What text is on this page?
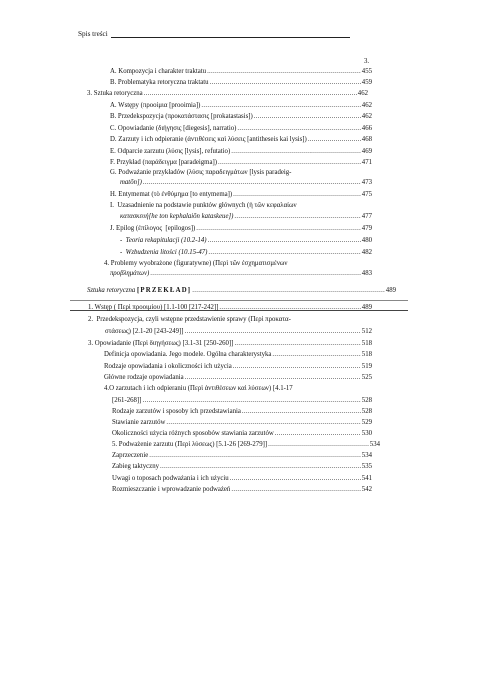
Spis treści
3.
A. Kompozycja i charakter traktatu .....	455
B. Problematyka retoryczna traktatu .....	459
3. Sztuka retoryczna .....	462
A. Wstępy (προοίμια [prooimia]) .....	462
B. Przedekspozycja (προκατάστασις [prokatastasis]) .....	462
C. Opowiadanie (διήγησις [diegesis], narratio) .....	466
D. Zarzuty i ich odpieranie (ἀντιθέσεις καὶ λύσεις [antitheseis kai lysis]) .....	468
E. Odparcie zarzutu (λύσις [lysis], refutatio) .....	469
F. Przykład (παράδειγμα [paradeigma]) .....	471
G. Podważanie przykładów (λύσις παραδειγμάτων [lysis paradeig-
matōn]) .....	473
H. Entymemat (τὸ ἐνθύμημα [to entymema]) .....	475
I.  Uzasadnienie na podstawie punktów głównych (ἡ τῶν κεφαλαίων
κατασκευή[he ton kephalaiōn kataskeue]) .....	477
J. Epilog (ἐπίλογος  [epilogos]) .....	479
-  Teoria rekapitulacji (10.2-14) .....	480
-  Wzbudzenia litości (10.15-47) .....	482
4. Problemy wyobrażone (figuratywne) (Περὶ τῶν ἐσχηματισμένων
προβλημάτων) .....	483
Sztuka retoryczna [PRZEKŁAD] .....	489
1. Wstęp ( Περὶ προοιμίου) [1.1-100 [217-242]] .....	489
2.  Przedekspozycja, czyli wstępne przedstawienie sprawy (Περὶ προκατα-
στάσεως) [2.1-20 [243-249]] .....	512
3. Opowiadanie (Περὶ διηγήσεως) [3.1-31 [250-260]] .....	518
Definicja opowiadania. Jego modele. Ogólna charakterystyka .....	518
Rodzaje opowiadania i okoliczności ich użycia .....	519
Główne rodzaje opowiadania .....	525
4.O zarzutach i ich odpieraniu (Περὶ ἀντιθέσεων καὶ λύσεων) [4.1-17
[261-268]] .....	528
Rodzaje zarzutów i sposoby ich przedstawiania .....	528
Stawianie zarzutów .....	529
Okoliczności użycia różnych sposobów stawiania zarzutów .....	530
5. Podważenie zarzutu (Περὶ λύσεως) [5.1-26 [269-279]] .....	534
Zaprzeczenie .....	534
Zabieg taktyczny .....	535
Uwagi o toposach podważania i ich użyciu .....	541
Rozmieszczanie i wprowadzanie podważeń .....	542
